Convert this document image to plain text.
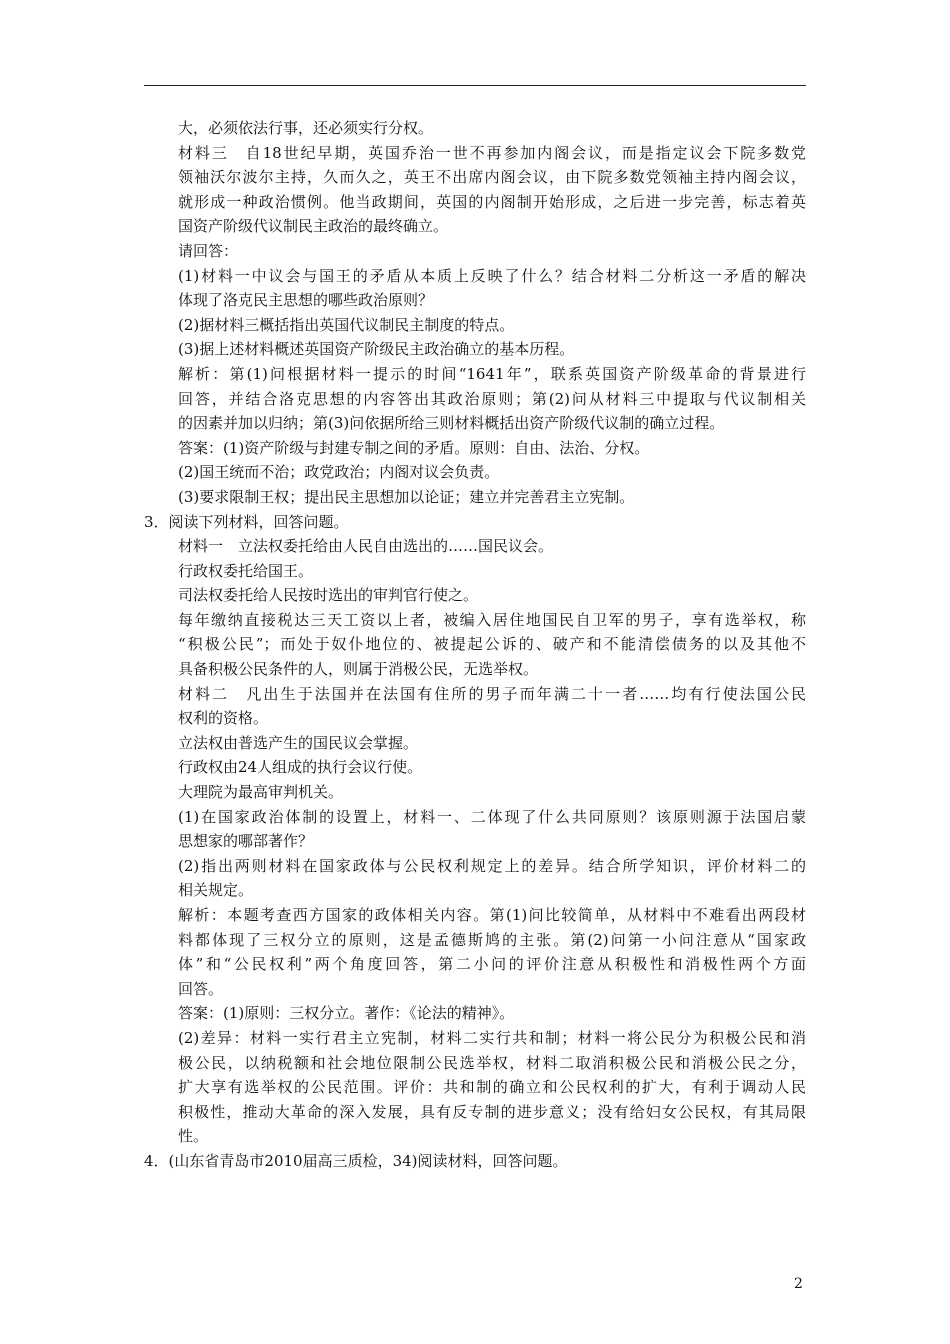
大，必须依法行事，还必须实行分权。
材料三　自18世纪早期，英国乔治一世不再参加内阁会议，而是指定议会下院多数党
领袖沃尔波尔主持，久而久之，英王不出席内阁会议，由下院多数党领袖主持内阁会议，
就形成一种政治惯例。他当政期间，英国的内阁制开始形成，之后进一步完善，标志着英
国资产阶级代议制民主政治的最终确立。
请回答：
(1)材料一中议会与国王的矛盾从本质上反映了什么？结合材料二分析这一矛盾的解决
体现了洛克民主思想的哪些政治原则？
(2)据材料三概括指出英国代议制民主制度的特点。
(3)据上述材料概述英国资产阶级民主政治确立的基本历程。
解析：第(1)问根据材料一提示的时间“1641年”，联系英国资产阶级革命的背景进行
回答，并结合洛克思想的内容答出其政治原则；第(2)问从材料三中提取与代议制相关
的因素并加以归纳；第(3)问依据所给三则材料概括出资产阶级代议制的确立过程。
答案：(1)资产阶级与封建专制之间的矛盾。原则：自由、法治、分权。
(2)国王统而不治；政党政治；内阁对议会负责。
(3)要求限制王权；提出民主思想加以论证；建立并完善君主立宪制。
3．阅读下列材料，回答问题。
材料一　立法权委托给由人民自由选出的……国民议会。
行政权委托给国王。
司法权委托给人民按时选出的审判官行使之。
每年缴纳直接税达三天工资以上者，被编入居住地国民自卫军的男子，享有选举权，称
“积极公民”；而处于奴仆地位的、被提起公诉的、破产和不能清偿债务的以及其他不
具备积极公民条件的人，则属于消极公民，无选举权。
材料二　凡出生于法国并在法国有住所的男子而年满二十一者……均有行使法国公民
权利的资格。
立法权由普选产生的国民议会掌握。
行政权由24人组成的执行会议行使。
大理院为最高审判机关。
(1)在国家政治体制的设置上，材料一、二体现了什么共同原则？该原则源于法国启蒙
思想家的哪部著作？
(2)指出两则材料在国家政体与公民权利规定上的差异。结合所学知识，评价材料二的
相关规定。
解析：本题考查西方国家的政体相关内容。第(1)问比较简单，从材料中不难看出两段材
料都体现了三权分立的原则，这是孟德斯鸠的主张。第(2)问第一小问注意从“国家政
体”和“公民权利”两个角度回答，第二小问的评价注意从积极性和消极性两个方面
回答。
答案：(1)原则：三权分立。著作：《论法的精神》。
(2)差异：材料一实行君主立宪制，材料二实行共和制；材料一将公民分为积极公民和消
极公民，以纳税额和社会地位限制公民选举权，材料二取消积极公民和消极公民之分，
扩大享有选举权的公民范围。评价：共和制的确立和公民权利的扩大，有利于调动人民
积极性，推动大革命的深入发展，具有反专制的进步意义；没有给妇女公民权，有其局限
性。
4．(山东省青岛市2010届高三质检，34)阅读材料，回答问题。
2
